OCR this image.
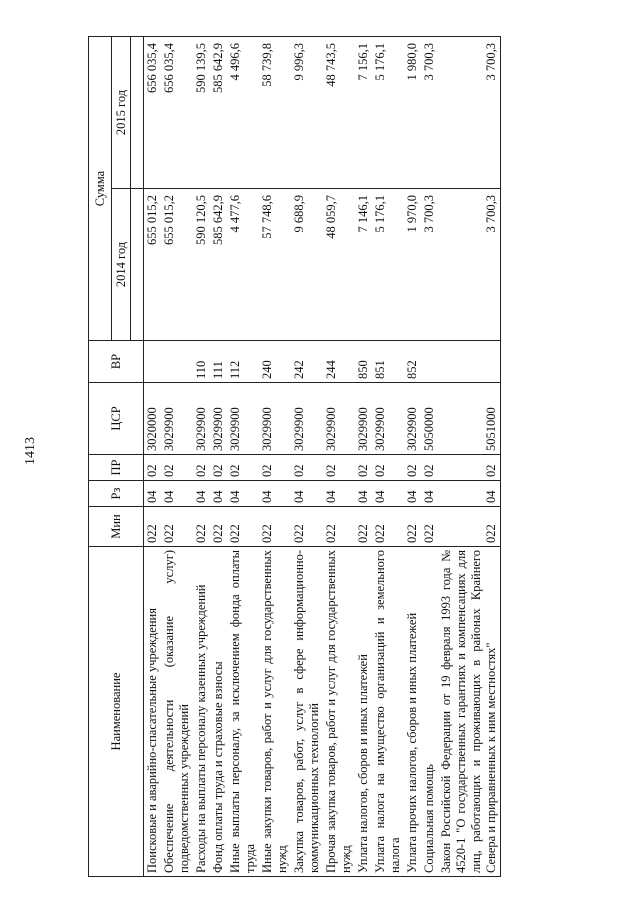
1413
Наименование	Мин	Рз	ПР	ЦСР	ВР	Сумма	
						2014 год	2015 год

Поисковые и аварийно-спасательные учреждения	022	04	02	3020000		655 015,2	656 035,4
Обеспечение деятельности (оказание услуг) подведомственных учреждений	022	04	02	3029900		655 015,2	656 035,4
Расходы на выплаты персоналу казенных учреждений	022	04	02	3029900	110	590 120,5	590 139,5
Фонд оплаты труда и страховые взносы	022	04	02	3029900	111	585 642,9	585 642,9
Иные выплаты персоналу, за исключением фонда оплаты труда	022	04	02	3029900	112	4 477,6	4 496,6
Иные закупки товаров, работ и услуг для государственных нужд	022	04	02	3029900	240	57 748,6	58 739,8
Закупка товаров, работ, услуг в сфере информационно-коммуникационных технологий	022	04	02	3029900	242	9 688,9	9 996,3
Прочая закупка товаров, работ и услуг для государственных нужд	022	04	02	3029900	244	48 059,7	48 743,5
Уплата налогов, сборов и иных платежей	022	04	02	3029900	850	7 146,1	7 156,1
Уплата налога на имущество организаций и земельного налога	022	04	02	3029900	851	5 176,1	5 176,1
Уплата прочих налогов, сборов и иных платежей	022	04	02	3029900	852	1 970,0	1 980,0
Социальная помощь	022	04	02	5050000		3 700,3	3 700,3
Закон Российской Федерации от 19 февраля 1993 года № 4520-1 "О государственных гарантиях и компенсациях для лиц, работающих и проживающих в районах Крайнего Севера и приравненных к ним местностях"	022	04	02	5051000		3 700,3	3 700,3
